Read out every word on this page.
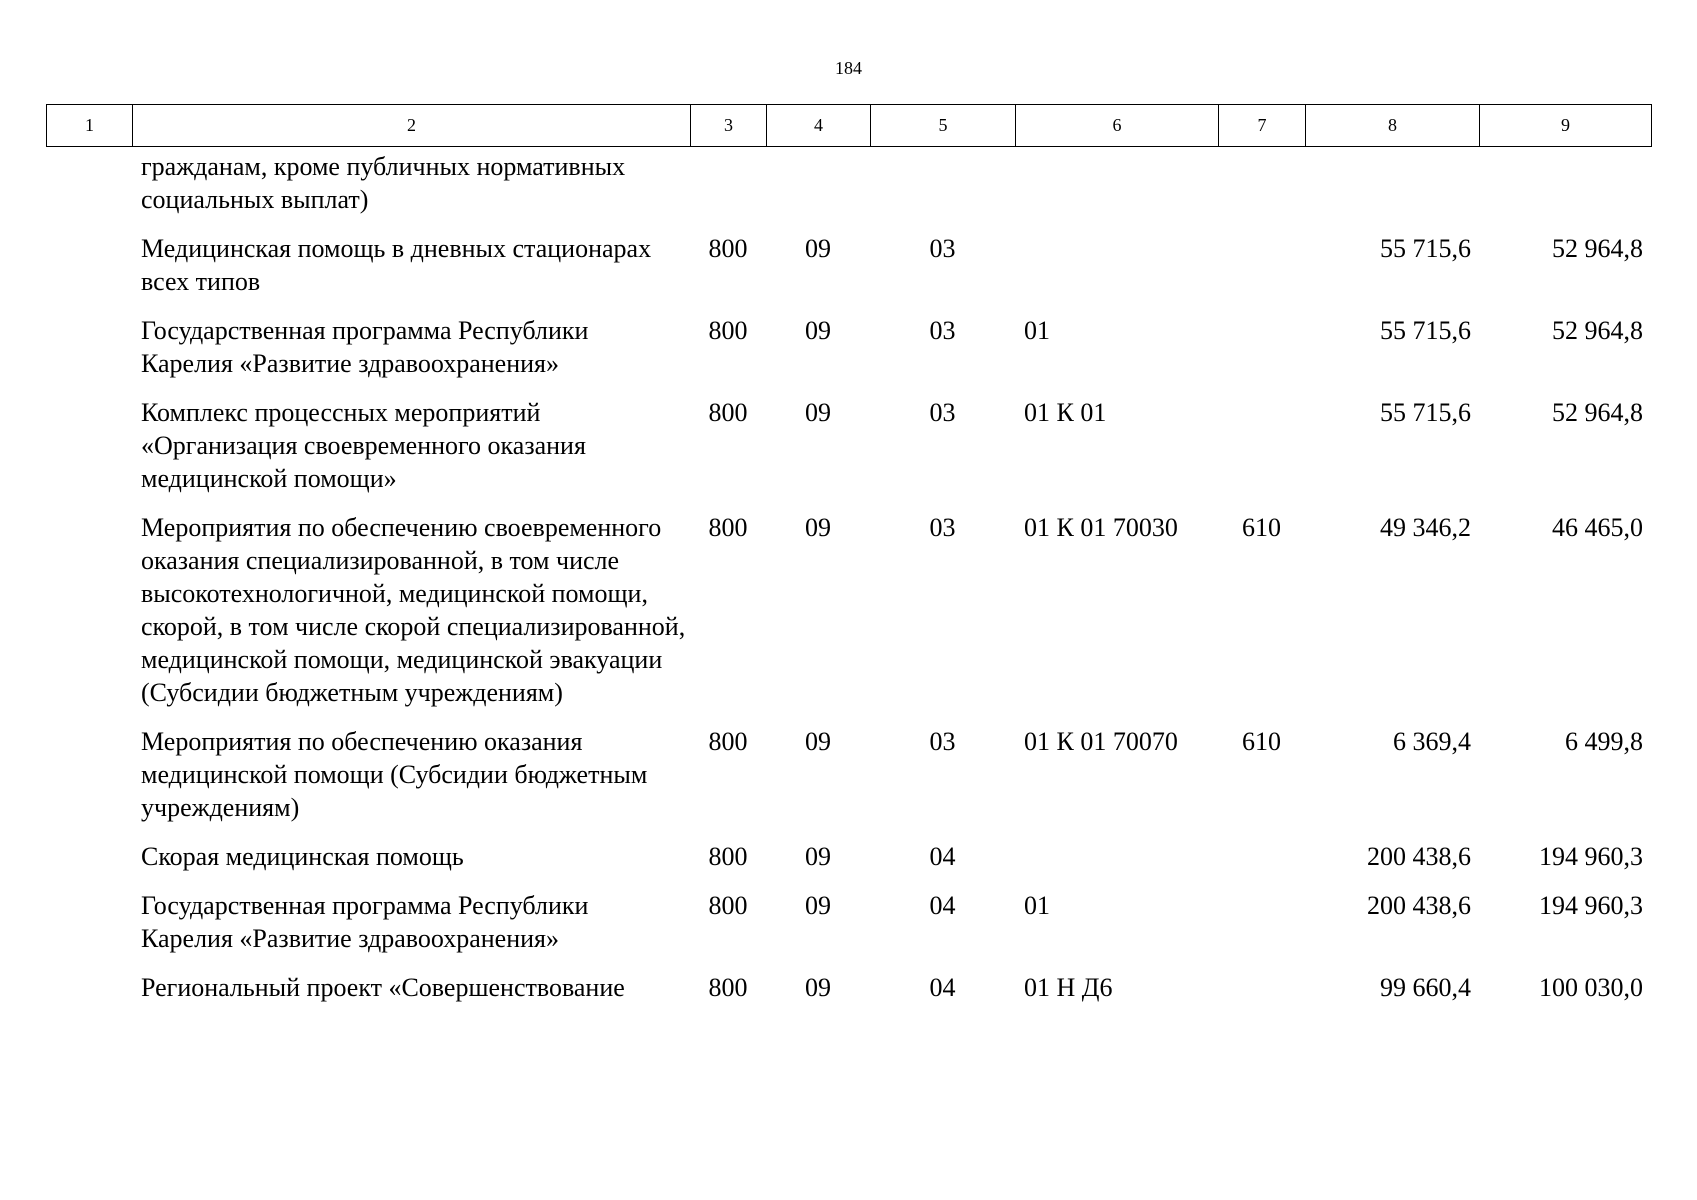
184
1	2	3	4	5	6	7	8	9
	гражданам, кроме публичных нормативных социальных выплат)							
	Медицинская помощь в дневных стационарах всех типов	800	09	03			55 715,6	52 964,8
	Государственная программа Республики Карелия «Развитие здравоохранения»	800	09	03	01		55 715,6	52 964,8
	Комплекс процессных мероприятий «Организация своевременного оказания медицинской помощи»	800	09	03	01 К 01		55 715,6	52 964,8
	Мероприятия по обеспечению своевременного оказания специализированной, в том числе высокотехнологичной, медицинской помощи, скорой, в том числе скорой специализированной, медицинской помощи, медицинской эвакуации (Субсидии бюджетным учреждениям)	800	09	03	01 К 01 70030	610	49 346,2	46 465,0
	Мероприятия по обеспечению оказания медицинской помощи (Субсидии бюджетным учреждениям)	800	09	03	01 К 01 70070	610	6 369,4	6 499,8
	Скорая медицинская помощь	800	09	04			200 438,6	194 960,3
	Государственная программа Республики Карелия «Развитие здравоохранения»	800	09	04	01		200 438,6	194 960,3
	Региональный проект «Совершенствование	800	09	04	01 Н Д6		99 660,4	100 030,0
